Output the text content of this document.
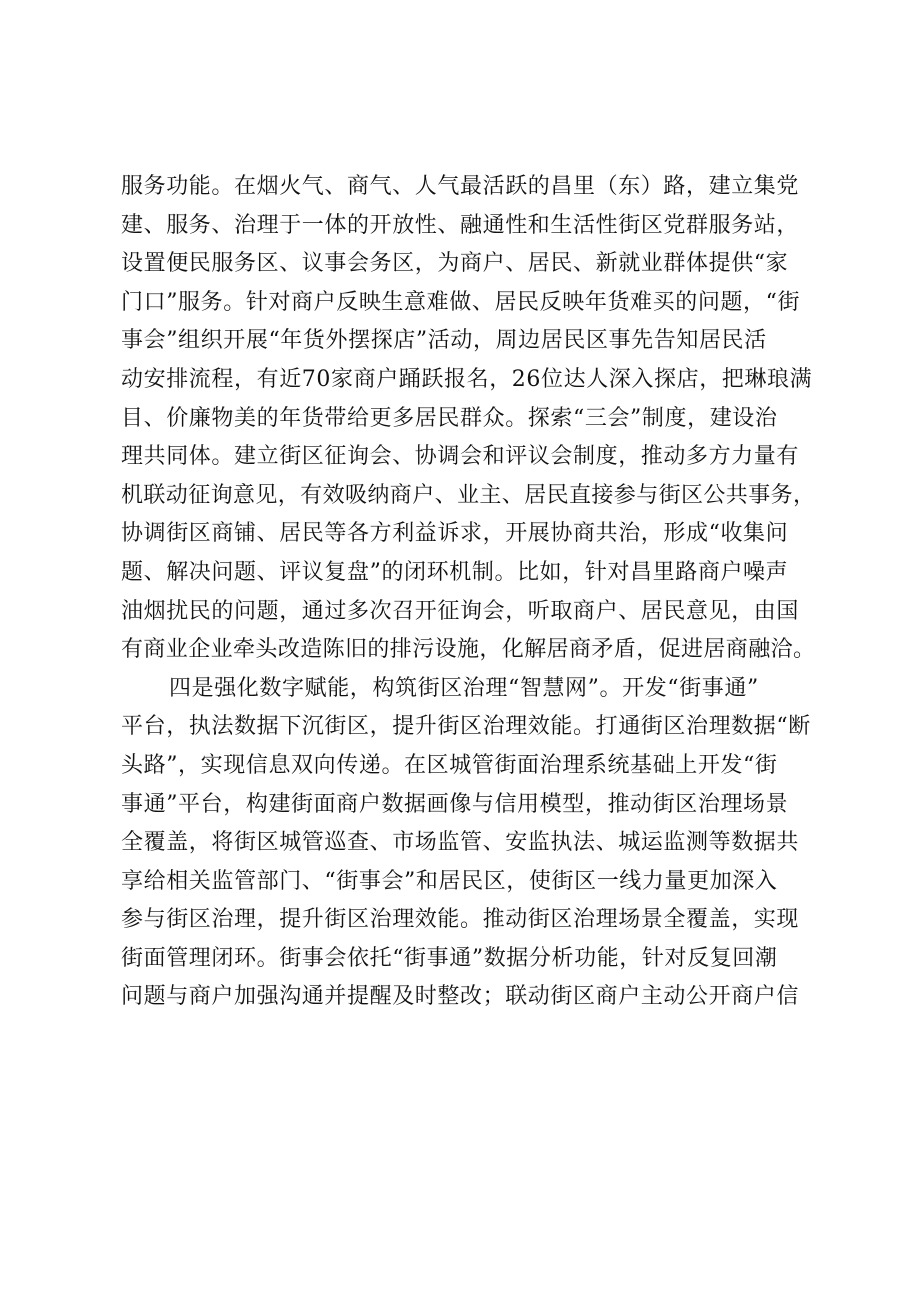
服务功能。在烟火气、商气、人气最活跃的昌里（东）路，建立集党
建、服务、治理于一体的开放性、融通性和生活性街区党群服务站，
设置便民服务区、议事会务区，为商户、居民、新就业群体提供“家
门口”服务。针对商户反映生意难做、居民反映年货难买的问题，“街
事会”组织开展“年货外摆探店”活动，周边居民区事先告知居民活
动安排流程，有近70家商户踊跃报名，26位达人深入探店，把琳琅满
目、价廉物美的年货带给更多居民群众。探索“三会”制度，建设治
理共同体。建立街区征询会、协调会和评议会制度，推动多方力量有
机联动征询意见，有效吸纳商户、业主、居民直接参与街区公共事务，
协调街区商铺、居民等各方利益诉求，开展协商共治，形成“收集问
题、解决问题、评议复盘”的闭环机制。比如，针对昌里路商户噪声
油烟扰民的问题，通过多次召开征询会，听取商户、居民意见，由国
有商业企业牵头改造陈旧的排污设施，化解居商矛盾，促进居商融洽。
四是强化数字赋能，构筑街区治理“智慧网”。开发“街事通”
平台，执法数据下沉街区，提升街区治理效能。打通街区治理数据“断
头路”，实现信息双向传递。在区城管街面治理系统基础上开发“街
事通”平台，构建街面商户数据画像与信用模型，推动街区治理场景
全覆盖，将街区城管巡查、市场监管、安监执法、城运监测等数据共
享给相关监管部门、“街事会”和居民区，使街区一线力量更加深入
参与街区治理，提升街区治理效能。推动街区治理场景全覆盖，实现
街面管理闭环。街事会依托“街事通”数据分析功能，针对反复回潮
问题与商户加强沟通并提醒及时整改；联动街区商户主动公开商户信
